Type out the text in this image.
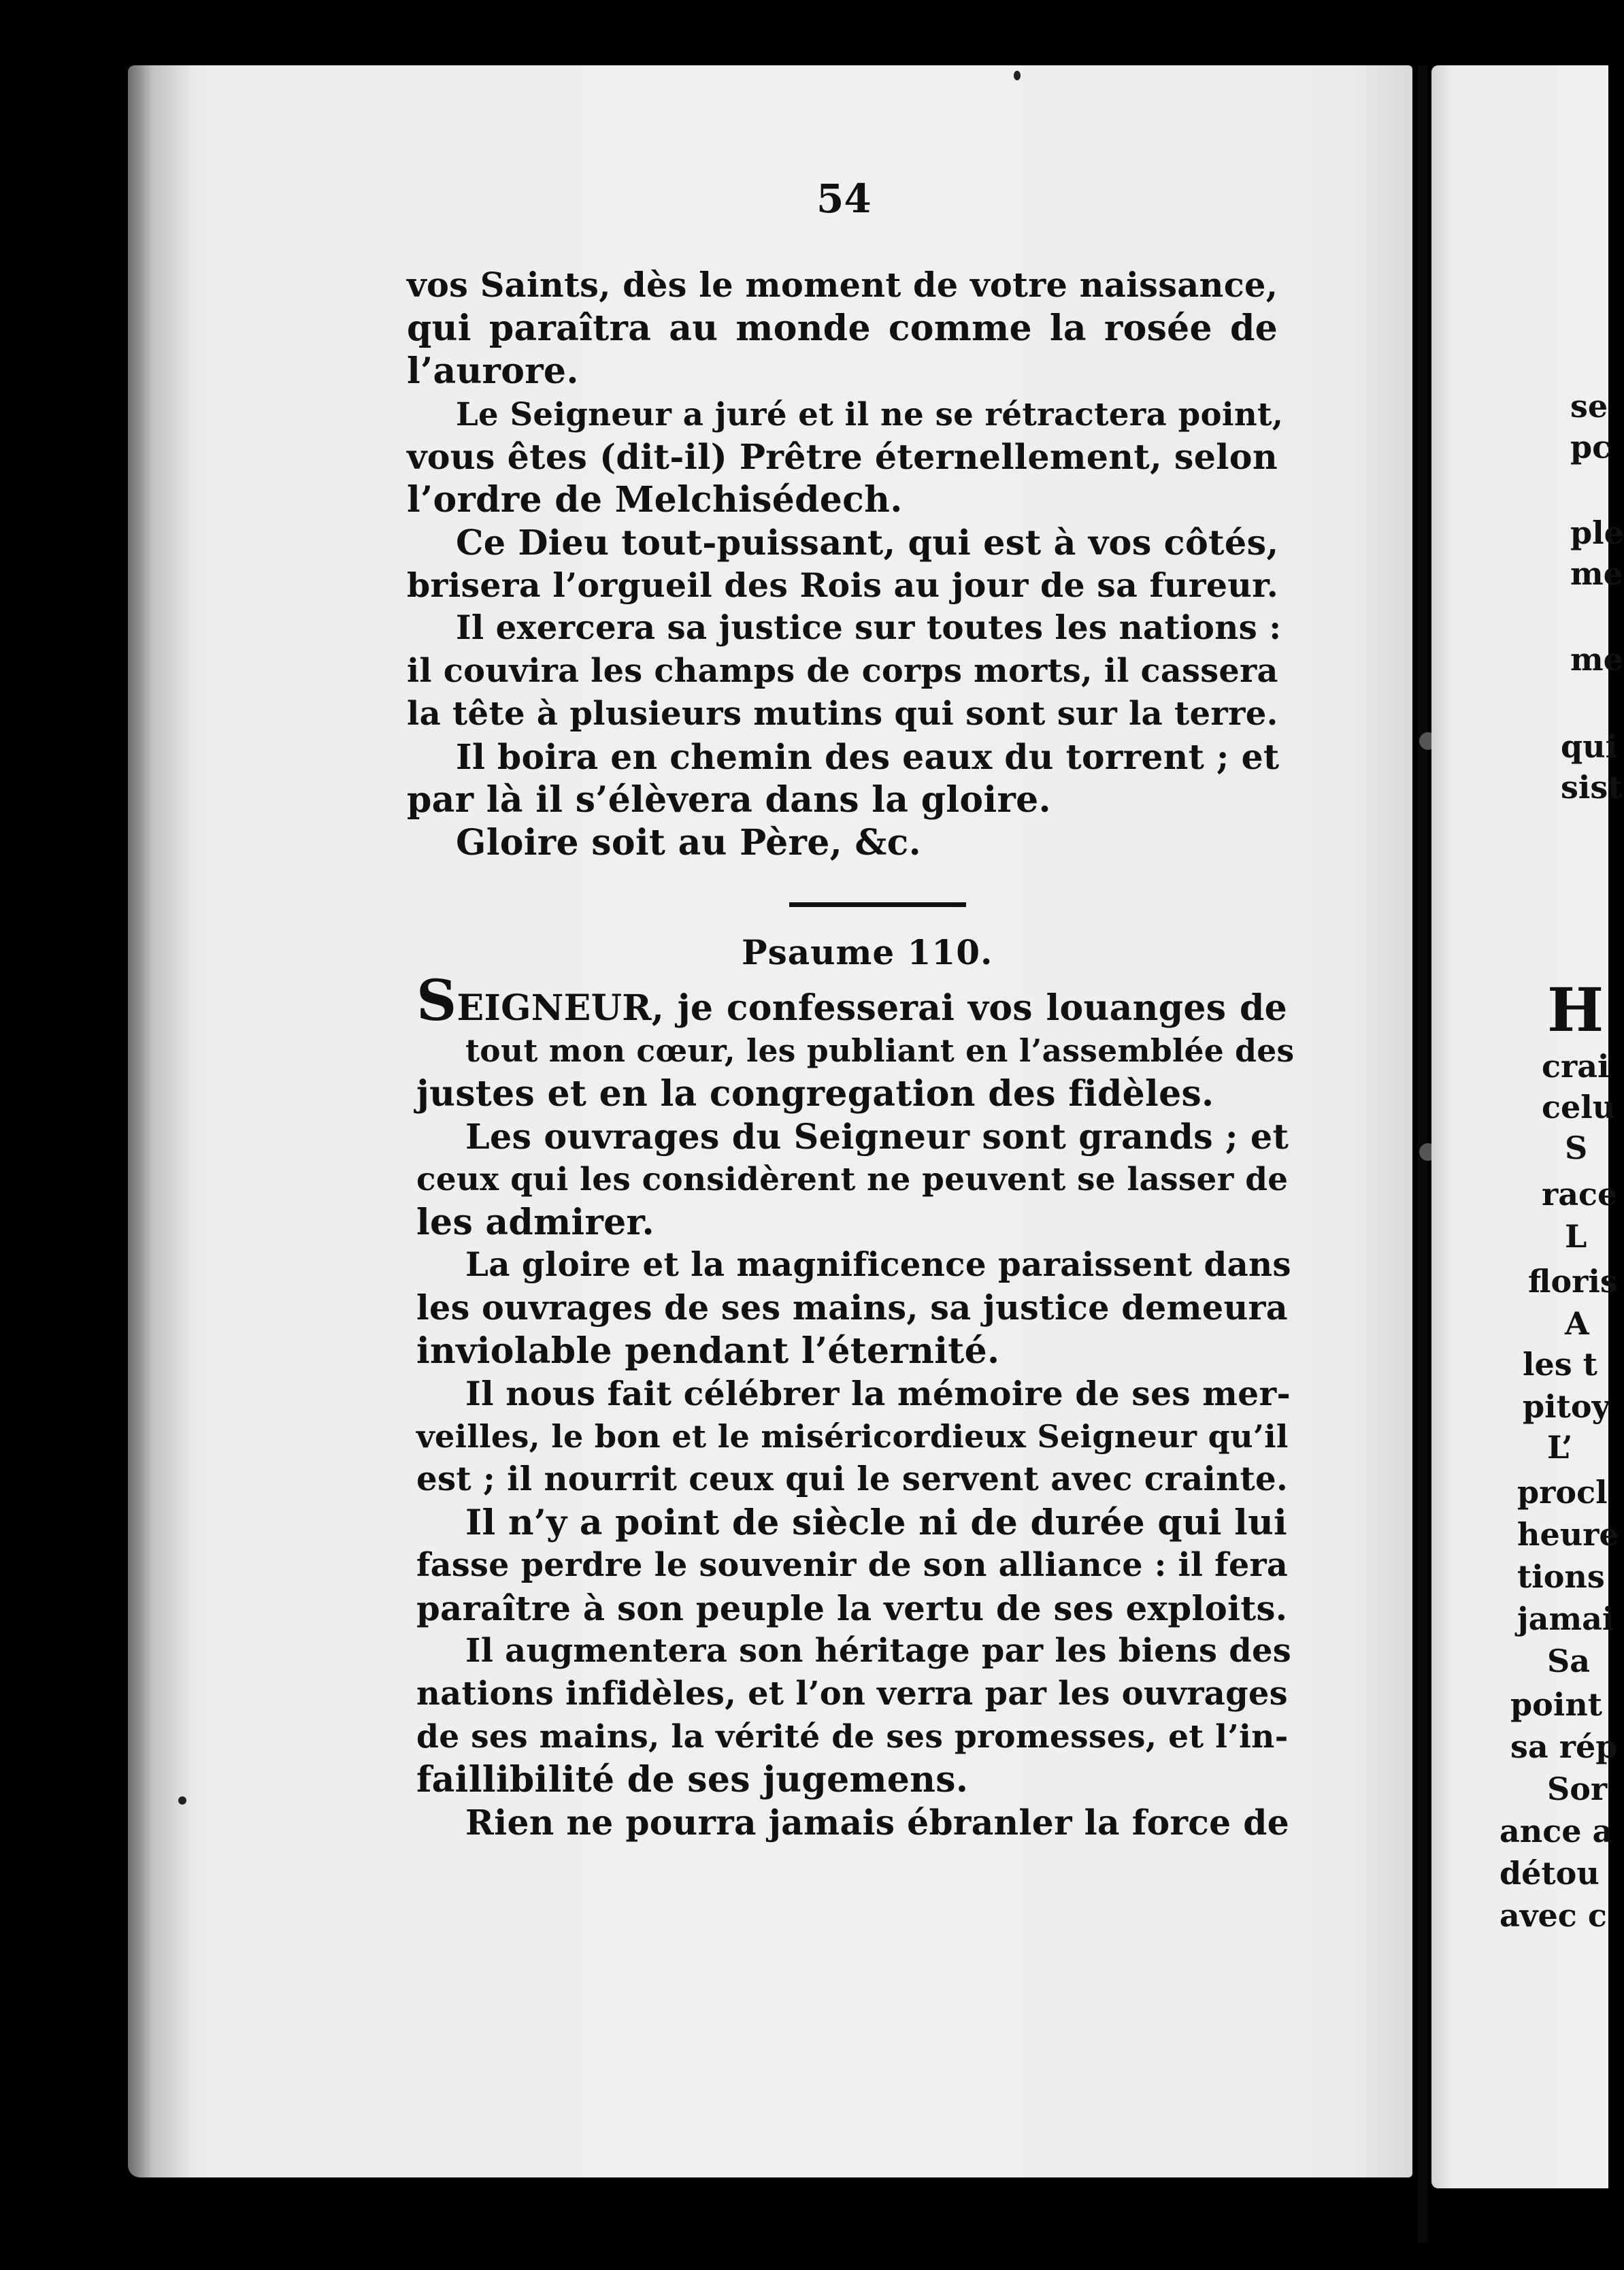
54
vos Saints, dès le moment de votre naissance,
qui paraîtra au monde comme la rosée de
l’aurore.
Le Seigneur a juré et il ne se rétractera point,
vous êtes (dit-il) Prêtre éternellement, selon
l’ordre de Melchisédech.
Ce Dieu tout-puissant, qui est à vos côtés,
brisera l’orgueil des Rois au jour de sa fureur.
Il exercera sa justice sur toutes les nations :
il couvira les champs de corps morts, il cassera
la tête à plusieurs mutins qui sont sur la terre.
Il boira en chemin des eaux du torrent ; et
par là il s’élèvera dans la gloire.
Gloire soit au Père, &c.
Psaume 110.
SEIGNEUR, je confesserai vos louanges de
tout mon cœur, les publiant en l’assemblée des
justes et en la congregation des fidèles.
Les ouvrages du Seigneur sont grands ; et
ceux qui les considèrent ne peuvent se lasser de
les admirer.
La gloire et la magnificence paraissent dans
les ouvrages de ses mains, sa justice demeura
inviolable pendant l’éternité.
Il nous fait célébrer la mémoire de ses mer-
veilles, le bon et le miséricordieux Seigneur qu’il
est ; il nourrit ceux qui le servent avec crainte.
Il n’y a point de siècle ni de durée qui lui
fasse perdre le souvenir de son alliance : il fera
paraître à son peuple la vertu de ses exploits.
Il augmentera son héritage par les biens des
nations infidèles, et l’on verra par les ouvrages
de ses mains, la vérité de ses promesses, et l’in-
faillibilité de ses jugemens.
Rien ne pourra jamais ébranler la force de
se
pc
ple
me
me
qui
sist
H
crai
celu
S
race
L
floris
A
les t
pitoy
L’
procl
heure
tions
jamai
Sa
point
sa rép
Sor
ance a
détou
avec c
